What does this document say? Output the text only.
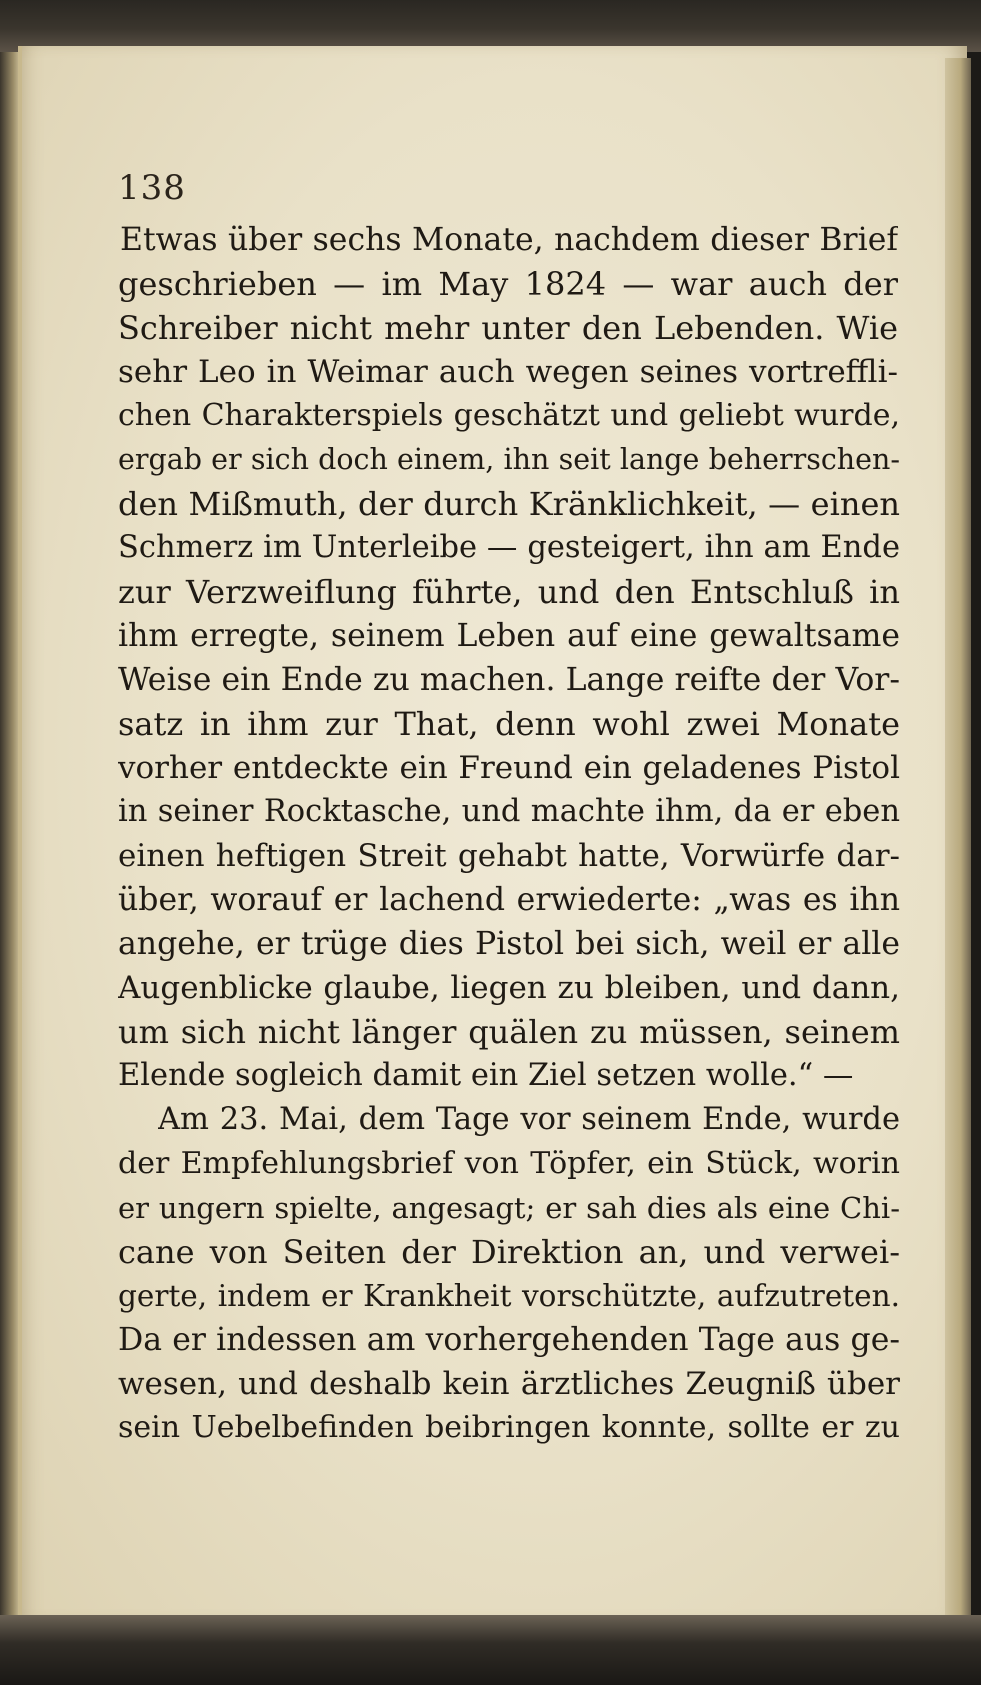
138
Etwas über sechs Monate, nachdem dieser Brief
geschrieben — im May 1824 — war auch der
Schreiber nicht mehr unter den Lebenden. Wie
sehr Leo in Weimar auch wegen seines vortreffli-
chen Charakterspiels geschätzt und geliebt wurde,
ergab er sich doch einem, ihn seit lange beherrschen-
den Mißmuth, der durch Kränklichkeit, — einen
Schmerz im Unterleibe — gesteigert, ihn am Ende
zur Verzweiflung führte, und den Entschluß in
ihm erregte, seinem Leben auf eine gewaltsame
Weise ein Ende zu machen. Lange reifte der Vor-
satz in ihm zur That, denn wohl zwei Monate
vorher entdeckte ein Freund ein geladenes Pistol
in seiner Rocktasche, und machte ihm, da er eben
einen heftigen Streit gehabt hatte, Vorwürfe dar-
über, worauf er lachend erwiederte: „was es ihn
angehe, er trüge dies Pistol bei sich, weil er alle
Augenblicke glaube, liegen zu bleiben, und dann,
um sich nicht länger quälen zu müssen, seinem
Elende sogleich damit ein Ziel setzen wolle.“ —
Am 23. Mai, dem Tage vor seinem Ende, wurde
der Empfehlungsbrief von Töpfer, ein Stück, worin
er ungern spielte, angesagt; er sah dies als eine Chi-
cane von Seiten der Direktion an, und verwei-
gerte, indem er Krankheit vorschützte, aufzutreten.
Da er indessen am vorhergehenden Tage aus ge-
wesen, und deshalb kein ärztliches Zeugniß über
sein Uebelbefinden beibringen konnte, sollte er zu
